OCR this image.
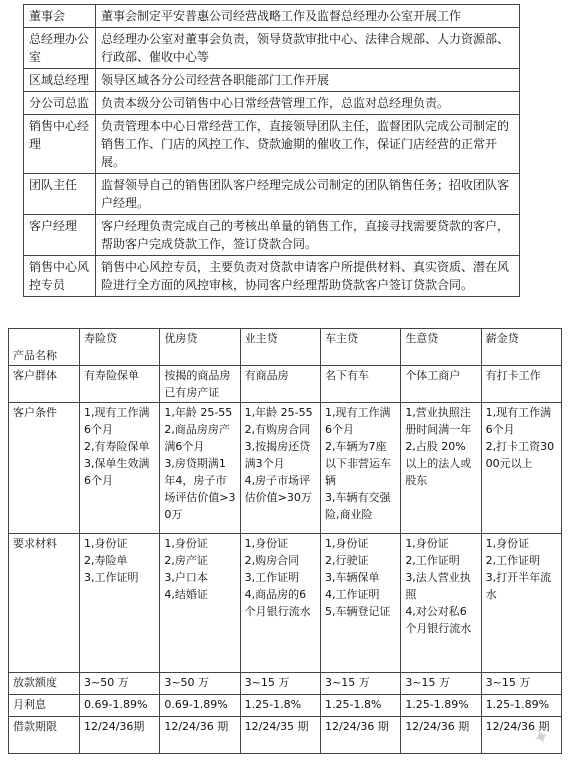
董事会	董事会制定平安普惠公司经营战略工作及监督总经理办公室开展工作
总经理办公室	总经理办公室对董事会负责，领导贷款审批中心、法律合规部、人力资源部、行政部、催收中心等
区域总经理	领导区域各分公司经营各职能部门工作开展
分公司总监	负责本级分公司销售中心日常经营管理工作，总监对总经理负责。
销售中心经理	负责管理本中心日常经营工作，直接领导团队主任，监督团队完成公司制定的销售工作、门店的风控工作、贷款逾期的催收工作，保证门店经营的正常开展。
团队主任	监督领导自己的销售团队客户经理完成公司制定的团队销售任务；招收团队客户经理。
客户经理	客户经理负责完成自己的考核出单量的销售工作，直接寻找需要贷款的客户，帮助客户完成贷款工作，签订贷款合同。
销售中心风控专员	销售中心风控专员，主要负责对贷款申请客户所提供材料、真实资质、潜在风险进行全方面的风控审核，协同客户经理帮助贷款客户签订贷款合同。
产品名称	寿险贷	优房贷	业主贷	车主贷	生意贷	薪金贷
客户群体	有寿险保单	按揭的商品房已有房产证	有商品房	名下有车	个体工商户	有打卡工作

客户条件	1,现有工作满6个月
2,有寿险保单
3,保单生效满6个月	1,年龄 25-55
2,商品房房产满6个月
3,房贷期满1年4，房子市场评估价值>30万	1,年龄 25-55
2,有购房合同
3,按揭房还贷满3个月
4,房子市场评估价值>30万	1,现有工作满6个月
2,车辆为7座以下非营运车辆
3,车辆有交强险,商业险	1,营业执照注册时间满一年
2,占股 20%以上的法人或股东	1,现有工作满6个月
2,打卡工资3000元以上

要求材料	1,身份证
2,寿险单
3,工作证明	1,身份证
2,房产证
3,户口本
4,结婚证	1,身份证
2,购房合同
3,工作证明
4,商品房的6个月银行流水	1,身份证
2,行驶证
3,车辆保单
4,工作证明
5,车辆登记证	1,身份证
2,工作证明
3,法人营业执照
4,对公对私6个月银行流水	1,身份证
2,工作证明
3,打开半年流水

放款额度	3~50 万	3~50 万	3~15 万	3~15 万	3~15 万	3~15 万

月利息	0.69-1.89%	0.69-1.89%	1.25-1.8%	1.25-1.8%	1.25-1.89%	1.25-1.89%

借款期限	12/24/36期	12/24/36 期	12/24/35 期	12/24/36 期	12/24/36 期	12/24/36 期
✦
